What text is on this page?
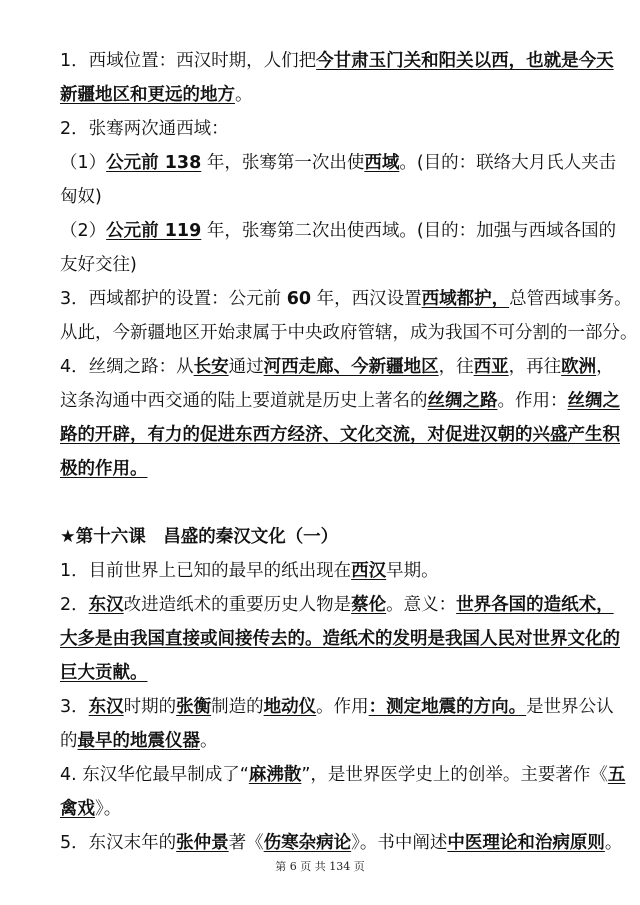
1．西域位置：西汉时期，人们把今甘肃玉门关和阳关以西，也就是今天
新疆地区和更远的地方。
2．张骞两次通西域：
（1）公元前 138 年，张骞第一次出使西域。(目的：联络大月氏人夹击
匈奴)
（2）公元前 119 年，张骞第二次出使西域。(目的：加强与西域各国的
友好交往)
3．西域都护的设置：公元前 60 年，西汉设置西域都护，总管西域事务。
从此，今新疆地区开始隶属于中央政府管辖，成为我国不可分割的一部分。
4．丝绸之路：从长安通过河西走廊、今新疆地区，往西亚，再往欧洲，
这条沟通中西交通的陆上要道就是历史上著名的丝绸之路。作用：丝绸之
路的开辟，有力的促进东西方经济、文化交流，对促进汉朝的兴盛产生积
极的作用。
★第十六课　昌盛的秦汉文化（一）
1．目前世界上已知的最早的纸出现在西汉早期。
2．东汉改进造纸术的重要历史人物是蔡伦。意义：世界各国的造纸术，
大多是由我国直接或间接传去的。造纸术的发明是我国人民对世界文化的
巨大贡献。
3．东汉时期的张衡制造的地动仪。作用：测定地震的方向。是世界公认
的最早的地震仪器。
4. 东汉华佗最早制成了“麻沸散”，是世界医学史上的创举。主要著作《五
禽戏》。
5．东汉末年的张仲景著《伤寒杂病论》。书中阐述中医理论和治病原则。
第 6 页 共 134 页
